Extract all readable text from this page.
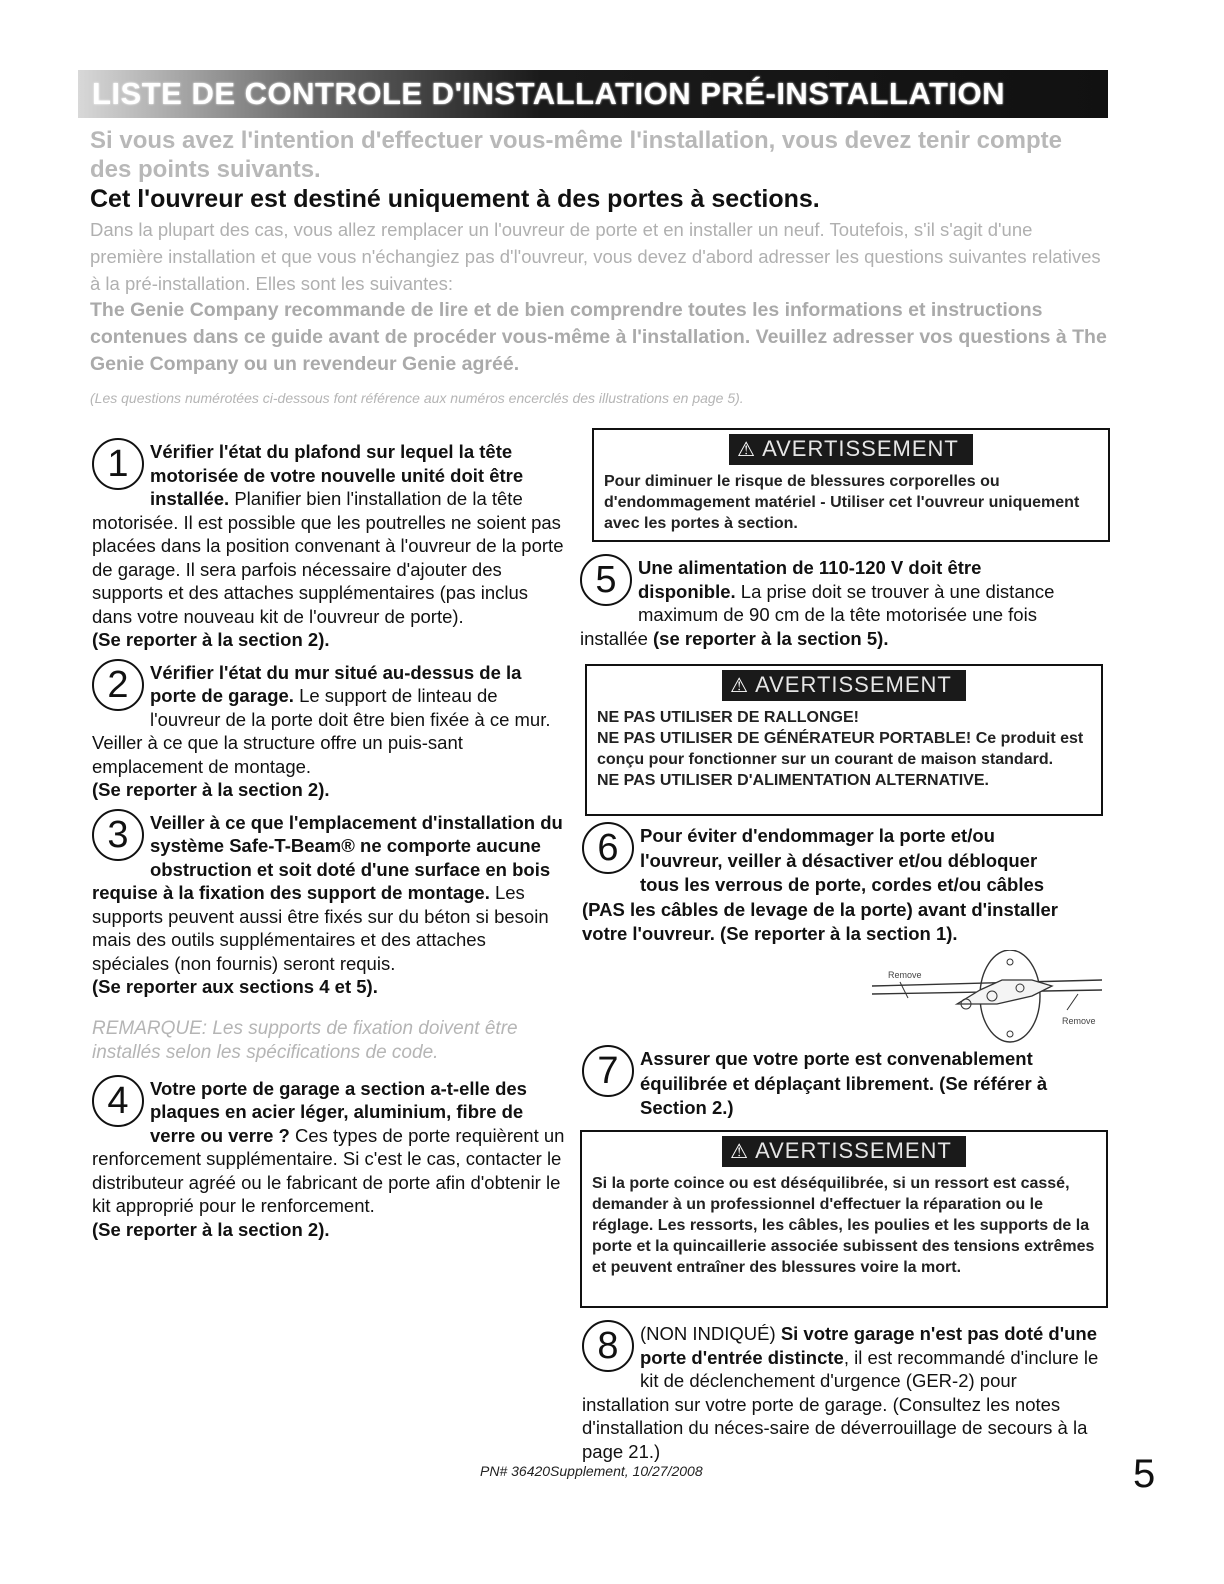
LISTE DE CONTROLE D'INSTALLATION PRÉ-INSTALLATION
Si vous avez l'intention d'effectuer vous-même l'installation, vous devez tenir compte des points suivants.
Cet l'ouvreur est destiné uniquement à des portes à sections.
Dans la plupart des cas, vous allez remplacer un l'ouvreur de porte et en installer un neuf. Toutefois, s'il s'agit d'une première installation et que vous n'échangiez pas d'l'ouvreur, vous devez d'abord adresser les questions suivantes relatives à la pré-installation. Elles sont les suivantes:
The Genie Company recommande de lire et de bien comprendre toutes les informations et instructions contenues dans ce guide avant de procéder vous-même à l'installation. Veuillez adresser vos questions à The Genie Company ou un revendeur Genie agréé.
(Les questions numérotées ci-dessous font référence aux numéros encerclés des illustrations en page 5).
1	Vérifier l'état du plafond sur lequel la tête motorisée de votre nouvelle unité doit être installée. Planifier bien l'installation de la tête motorisée. Il est possible que les poutrelles ne soient pas placées dans la position convenant à l'ouvreur de la porte de garage. Il sera parfois nécessaire d'ajouter des supports et des attaches supplémentaires (pas inclus dans votre nouveau kit de l'ouvreur de porte).

(Se reporter à la section 2).

2	Vérifier l'état du mur situé au-dessus de la porte de garage. Le support de linteau de l'ouvreur de la porte doit être bien fixée à ce mur. Veiller à ce que la structure offre un puis-sant emplacement de montage.

(Se reporter à la section 2).

3	Veiller à ce que l'emplacement d'installation du système Safe-T-Beam® ne comporte aucune obstruction et soit doté d'une surface en bois requise à la fixation des support de montage. Les supports peuvent aussi être fixés sur du béton si besoin mais des outils supplémentaires et des attaches spéciales (non fournis) seront requis.

(Se reporter aux sections 4 et 5).

REMARQUE: Les supports de fixation doivent être installés selon les spécifications de code.

4	Votre porte de garage a section a-t-elle des plaques en acier léger, aluminium, fibre de verre ou verre ? Ces types de porte requièrent un renforcement supplémentaire. Si c'est le cas, contacter le distributeur agréé ou le fabricant de porte afin d'obtenir le kit approprié pour le renforcement.

(Se reporter à la section 2).

⚠ AVERTISSEMENT
Pour diminuer le risque de blessures corporelles ou d'endommagement matériel - Utiliser cet l'ouvreur uniquement avec les portes à section.
5	Une alimentation de 110-120 V doit être disponible. La prise doit se trouver à une distance maximum de 90 cm de la tête motorisée une fois installée (se reporter à la section 5).

⚠ AVERTISSEMENT
NE PAS UTILISER DE RALLONGE!
NE PAS UTILISER DE GÉNÉRATEUR PORTABLE! Ce produit est conçu pour fonctionner sur un courant de maison standard.
NE PAS UTILISER D'ALIMENTATION ALTERNATIVE.
6	Pour éviter d'endommager la porte et/ou l'ouvreur, veiller à désactiver et/ou débloquer tous les verrous de porte, cordes et/ou câbles (PAS les câbles de levage de la porte) avant d'installer votre l'ouvreur. (Se reporter à la section 1).

Remove
Remove
7	Assurer que votre porte est convenablement équilibrée et déplaçant librement. (Se référer à Section 2.)

⚠ AVERTISSEMENT
Si la porte coince ou est déséquilibrée, si un ressort est cassé, demander à un professionnel d'effectuer la réparation ou le réglage. Les ressorts, les câbles, les poulies et les supports de la porte et la quincaillerie associée subissent des tensions extrêmes et peuvent entraîner des blessures voire la mort.
8	(NON INDIQUÉ) Si votre garage n'est pas doté d'une porte d'entrée distincte, il est recommandé d'inclure le kit de déclenchement d'urgence (GER-2) pour installation sur votre porte de garage. (Consultez les notes d'installation du néces-saire de déverrouillage de secours à la page 21.)

PN# 36420Supplement, 10/27/2008	5
